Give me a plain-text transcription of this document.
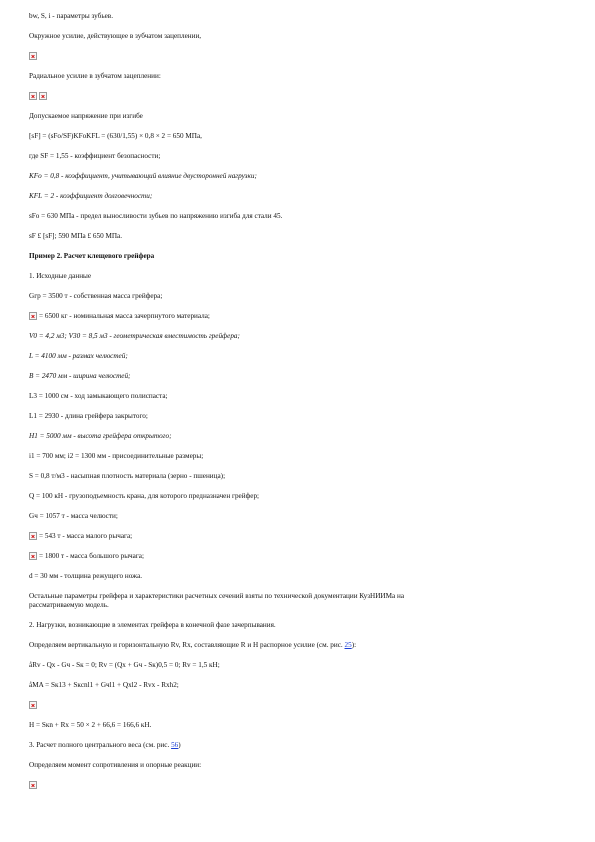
bw, S, i - параметры зубьев.

Окружное усилие, действующее в зубчатом зацеплении,

Радиальное усилие в зубчатом зацеплении:

Допускаемое напряжение при изгибе

[sF] = (sFo/SF)KFoKFL = (630/1,55) × 0,8 × 2 = 650 МПа,

где SF = 1,55 - коэффициент безопасности;

KFo = 0,8 - коэффициент, учитывающий влияние двусторонней нагрузки;

KFL = 2 - коэффициент долговечности;

sFo = 630 МПа - предел выносливости зубьев по напряжению изгиба для стали 45.

sF £ [sF]; 590 МПа £ 650 МПа.

Пример 2. Расчет клещевого грейфера

1. Исходные данные

Gгр = 3500 т - собственная масса грейфера;

= 6500 кг - номинальная масса зачерпнутого материала;

V0 = 4,2 м3; V30 = 8,5 м3 - геометрическая вместимость грейфера;

L = 4100 мм - размах челюстей;

B = 2470 мм - ширина челюстей;

L3 = 1000 см - ход замыкающего полиспаста;

L1 = 2930 - длина грейфера закрытого;

H1 = 5000 мм - высота грейфера открытого;

i1 = 700 мм; i2 = 1300 мм - присоединительные размеры;

S = 0,8 т/м3 - насыпная плотность материала (зерно - пшеница);

Q = 100 кН - грузоподъемность крана, для которого предназначен грейфер;

Gч = 1057 т - масса челюсти;

= 543 т - масса малого рычага;

= 1800 т - масса большого рычага;

d = 30 мм - толщина режущего ножа.

Остальные параметры грейфера и характеристики расчетных сечений взяты по технической документации КузНИИМа на

рассматриваемую модель.

2. Нагрузки, возникающие в элементах грейфера в конечной фазе зачерпывания.

Определяем вертикальную и горизонтальную Rv, Rx, составляющие R и H распорное усилие (см. рис. 25):

åRv - Qx - Gч - Sк = 0; Rv = (Qx + Gч - Sк)0,5 = 0; Rv = 1,5 кН;

åMA = Sк13 + Sкcnl1 + Gчl1 + Qxl2 - Rvx - Rxh2;

H = Sкn + Rx = 50 × 2 + 66,6 = 166,6 кН.

3. Расчет полного центрального веса (см. рис. 56)

Определяем момент сопротивления и опорные реакции:
